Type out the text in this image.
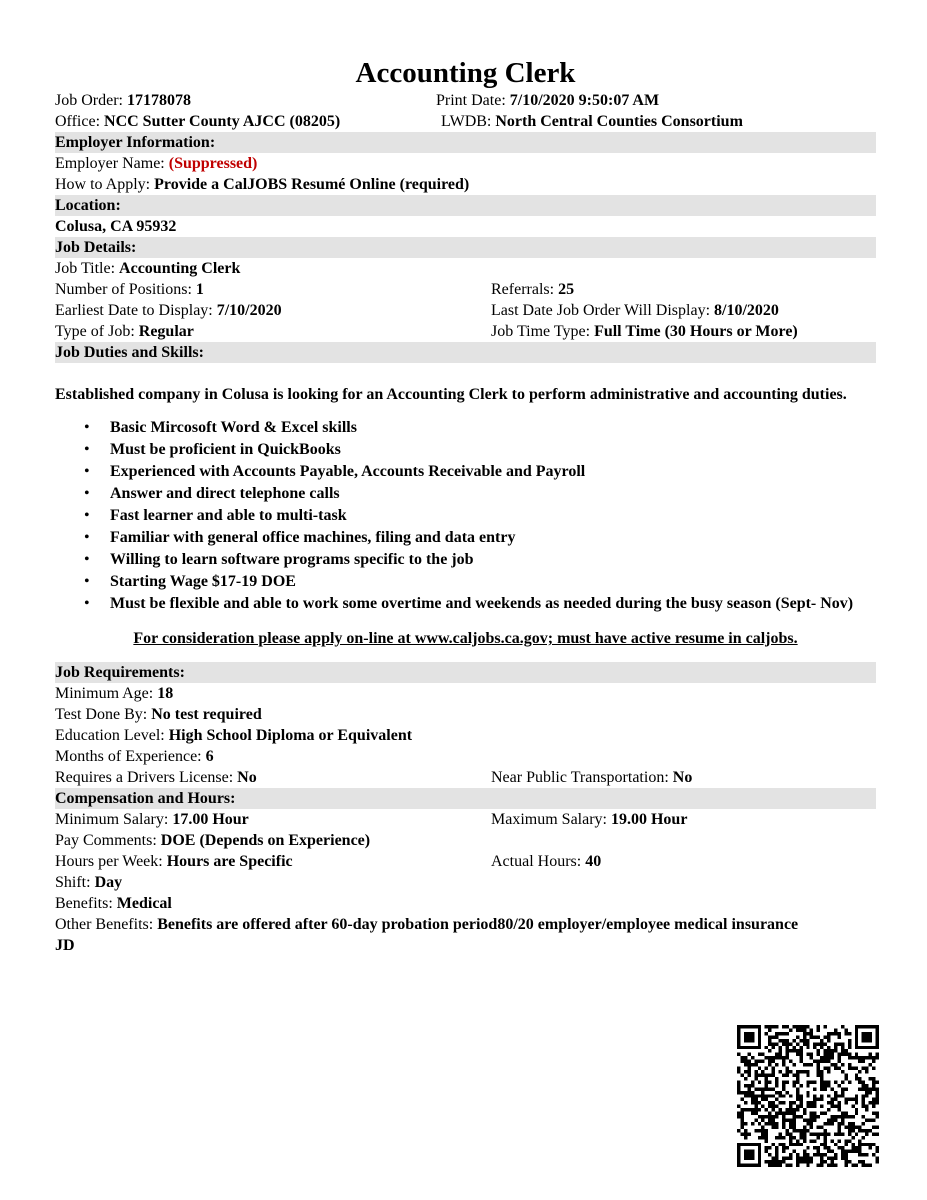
Accounting Clerk
Job Order: 17178078	Print Date: 7/10/2020 9:50:07 AM
Office: NCC Sutter County AJCC (08205)	LWDB: North Central Counties Consortium
Employer Information:
Employer Name: (Suppressed)
How to Apply: Provide a CalJOBS Resumé Online (required)
Location:
Colusa, CA 95932
Job Details:
Job Title: Accounting Clerk
Number of Positions: 1	Referrals: 25
Earliest Date to Display: 7/10/2020	Last Date Job Order Will Display: 8/10/2020
Type of Job: Regular	Job Time Type: Full Time (30 Hours or More)
Job Duties and Skills:
Established company in Colusa is looking for an Accounting Clerk to perform administrative and accounting duties.
• Basic Mircosoft Word & Excel skills
• Must be proficient in QuickBooks
• Experienced with Accounts Payable, Accounts Receivable and Payroll
• Answer and direct telephone calls
• Fast learner and able to multi-task
• Familiar with general office machines, filing and data entry
• Willing to learn software programs specific to the job
• Starting Wage $17-19 DOE
• Must be flexible and able to work some overtime and weekends as needed during the busy season (Sept- Nov)
For consideration please apply on-line at www.caljobs.ca.gov; must have active resume in caljobs.
Job Requirements:
Minimum Age: 18
Test Done By: No test required
Education Level: High School Diploma or Equivalent
Months of Experience: 6
Requires a Drivers License: No	Near Public Transportation: No
Compensation and Hours:
Minimum Salary: 17.00 Hour	Maximum Salary: 19.00 Hour
Pay Comments: DOE (Depends on Experience)
Hours per Week: Hours are Specific	Actual Hours: 40
Shift: Day
Benefits: Medical
Other Benefits: Benefits are offered after 60-day probation period80/20 employer/employee medical insurance
JD
